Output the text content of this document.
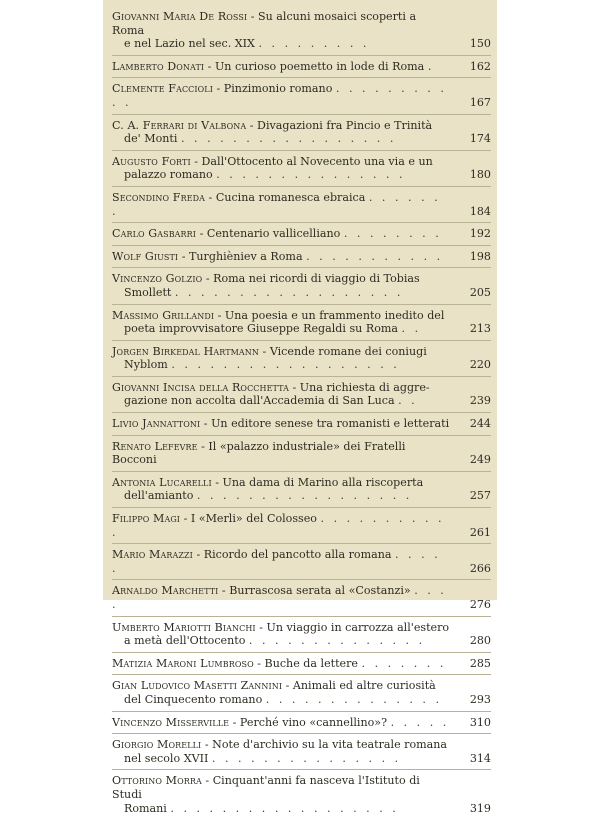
Giovanni Maria De Rossi - Su alcuni mosaici scoperti a Roma
e nel Lazio nel sec. XIX . . . . . . . . .	150
Lamberto Donati - Un curioso poemetto in lode di Roma .	162
Clemente Faccioli - Pinzimonio romano . . . . . . . . . . .	167
C. A. Ferrari di Valbona - Divagazioni fra Pincio e Trinità
de' Monti . . . . . . . . . . . . . . . . .	174
Augusto Forti - Dall'Ottocento al Novecento una via e un
palazzo romano . . . . . . . . . . . . . . .	180
Secondino Freda - Cucina romanesca ebraica . . . . . . .	184
Carlo Gasbarri - Centenario vallicelliano . . . . . . . .	192
Wolf Giusti - Turghièniev a Roma . . . . . . . . . . .	198
Vincenzo Golzio - Roma nei ricordi di viaggio di Tobias
Smollett . . . . . . . . . . . . . . . . . .	205
Massimo Grillandi - Una poesia e un frammento inedito del
poeta improvvisatore Giuseppe Regaldi su Roma . .	213
Jorgen Birkedal Hartmann - Vicende romane dei coniugi
Nyblom . . . . . . . . . . . . . . . . . .	220
Giovanni Incisa della Rocchetta - Una richiesta di aggre-
gazione non accolta dall'Accademia di San Luca . .	239
Livio Jannattoni - Un editore senese tra romanisti e letterati	244
Renato Lefevre - Il «palazzo industriale» dei Fratelli Bocconi	249
Antonia Lucarelli - Una dama di Marino alla riscoperta
dell'amianto . . . . . . . . . . . . . . . . .	257
Filippo Magi - I «Merli» del Colosseo . . . . . . . . . . .	261
Mario Marazzi - Ricordo del pancotto alla romana . . . . .	266
Arnaldo Marchetti - Burrascosa serata al «Costanzi» . . . .	276
Umberto Mariotti Bianchi - Un viaggio in carrozza all'estero
a metà dell'Ottocento . . . . . . . . . . . . . .	280
Matizia Maroni Lumbroso - Buche da lettere . . . . . . .	285
Gian Ludovico Masetti Zannini - Animali ed altre curiosità
del Cinquecento romano . . . . . . . . . . . . . .	293
Vincenzo Misserville - Perché vino «cannellino»? . . . . .	310
Giorgio Morelli - Note d'archivio su la vita teatrale romana
nel secolo XVII . . . . . . . . . . . . . . .	314
Ottorino Morra - Cinquant'anni fa nasceva l'Istituto di Studi
Romani . . . . . . . . . . . . . . . . . .	319
